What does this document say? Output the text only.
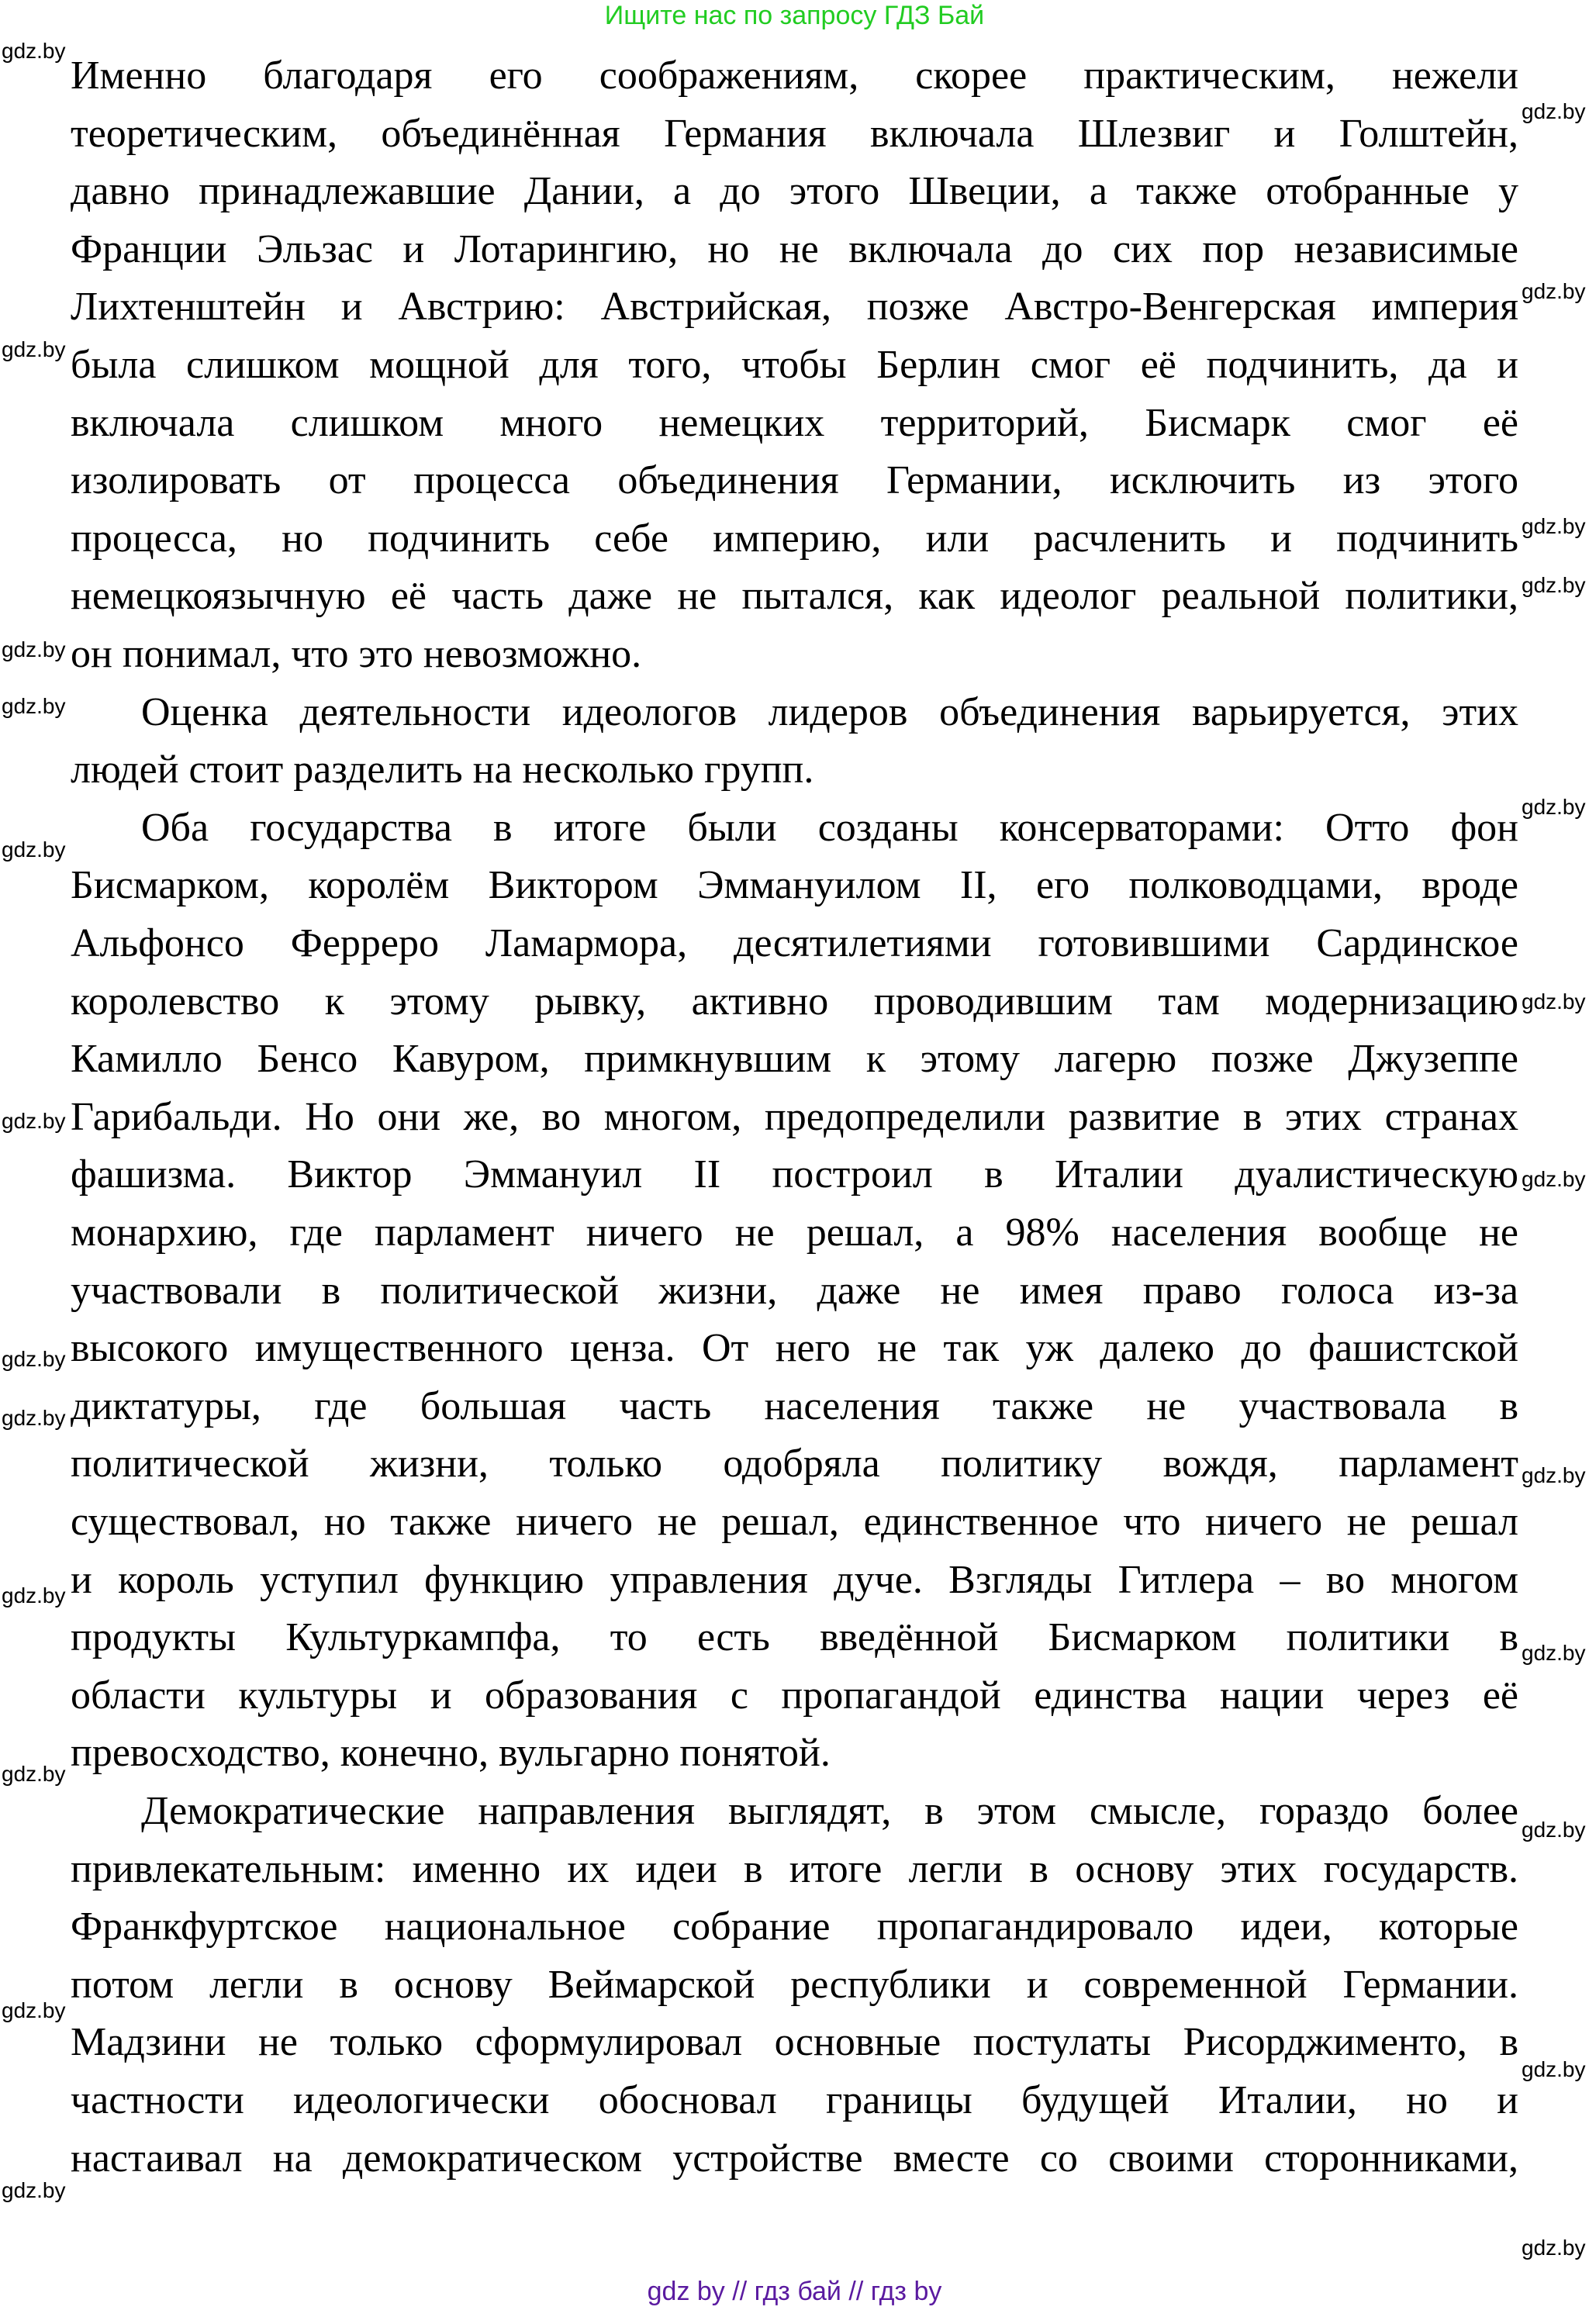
Ищите нас по запросу ГДЗ Бай
Именно благодаря его соображениям, скорее практическим, нежели
теоретическим, объединённая Германия включала Шлезвиг и Голштейн,
давно принадлежавшие Дании, а до этого Швеции, а также отобранные у
Франции Эльзас и Лотарингию, но не включала до сих пор независимые
Лихтенштейн и Австрию: Австрийская, позже Австро-Венгерская империя
была слишком мощной для того, чтобы Берлин смог её подчинить, да и
включала слишком много немецких территорий, Бисмарк смог её
изолировать от процесса объединения Германии, исключить из этого
процесса, но подчинить себе империю, или расчленить и подчинить
немецкоязычную её часть даже не пытался, как идеолог реальной политики,
он понимал, что это невозможно.
Оценка деятельности идеологов лидеров объединения варьируется, этих
людей стоит разделить на несколько групп.
Оба государства в итоге были созданы консерваторами: Отто фон
Бисмарком, королём Виктором Эммануилом II, его полководцами, вроде
Альфонсо Ферреро Ламармора, десятилетиями готовившими Сардинское
королевство к этому рывку, активно проводившим там модернизацию
Камилло Бенсо Кавуром, примкнувшим к этому лагерю позже Джузеппе
Гарибальди. Но они же, во многом, предопределили развитие в этих странах
фашизма. Виктор Эммануил II построил в Италии дуалистическую
монархию, где парламент ничего не решал, а 98% населения вообще не
участвовали в политической жизни, даже не имея право голоса из-за
высокого имущественного ценза. От него не так уж далеко до фашистской
диктатуры, где большая часть населения также не участвовала в
политической жизни, только одобряла политику вождя, парламент
существовал, но также ничего не решал, единственное что ничего не решал
и король уступил функцию управления дуче. Взгляды Гитлера – во многом
продукты Культуркампфа, то есть введённой Бисмарком политики в
области культуры и образования с пропагандой единства нации через её
превосходство, конечно, вульгарно понятой.
Демократические направления выглядят, в этом смысле, гораздо более
привлекательным: именно их идеи в итоге легли в основу этих государств.
Франкфуртское национальное собрание пропагандировало идеи, которые
потом легли в основу Веймарской республики и современной Германии.
Мадзини не только сформулировал основные постулаты Рисорджименто, в
частности идеологически обосновал границы будущей Италии, но и
настаивал на демократическом устройстве вместе со своими сторонниками,
gdz.by
gdz.by
gdz.by
gdz.by
gdz.by
gdz.by
gdz.by
gdz.by
gdz.by
gdz.by
gdz.by
gdz.by
gdz.by
gdz.by
gdz.by
gdz.by
gdz.by
gdz.by
gdz.by
gdz.by
gdz.by
gdz.by
gdz.by
gdz.by
gdz by // гдз бай // гдз by
